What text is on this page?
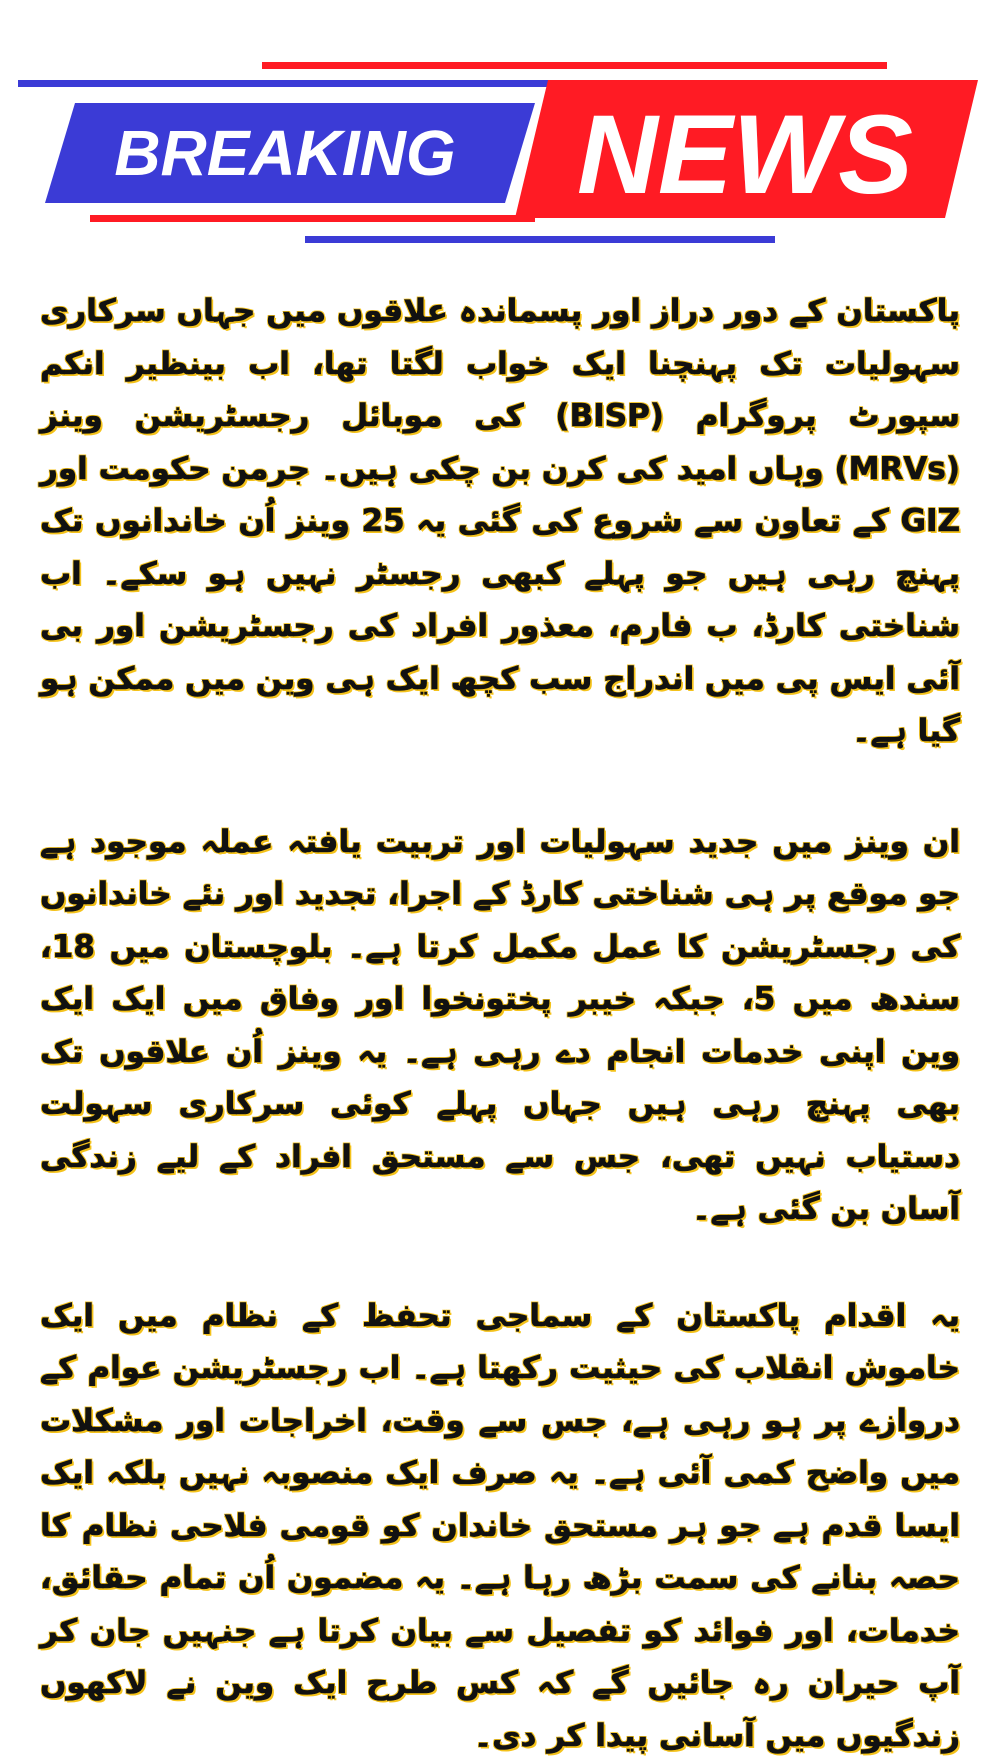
BREAKING NEWS

پاکستان کے دور دراز اور پسماندہ علاقوں میں جہاں سرکاری سہولیات تک پہنچنا ایک خواب لگتا تھا، اب بینظیر انکم سپورٹ پروگرام (BISP) کی موبائل رجسٹریشن وینز (MRVs) وہاں امید کی کرن بن چکی ہیں۔ جرمن حکومت اور GIZ کے تعاون سے شروع کی گئی یہ 25 وینز اُن خاندانوں تک پہنچ رہی ہیں جو پہلے کبھی رجسٹر نہیں ہو سکے۔ اب شناختی کارڈ، ب فارم، معذور افراد کی رجسٹریشن اور بی آئی ایس پی میں اندراج سب کچھ ایک ہی وین میں ممکن ہو گیا ہے۔

ان وینز میں جدید سہولیات اور تربیت یافتہ عملہ موجود ہے جو موقع پر ہی شناختی کارڈ کے اجرا، تجدید اور نئے خاندانوں کی رجسٹریشن کا عمل مکمل کرتا ہے۔ بلوچستان میں 18، سندھ میں 5، جبکہ خیبر پختونخوا اور وفاق میں ایک ایک وین اپنی خدمات انجام دے رہی ہے۔ یہ وینز اُن علاقوں تک بھی پہنچ رہی ہیں جہاں پہلے کوئی سرکاری سہولت دستیاب نہیں تھی، جس سے مستحق افراد کے لیے زندگی آسان بن گئی ہے۔

یہ اقدام پاکستان کے سماجی تحفظ کے نظام میں ایک خاموش انقلاب کی حیثیت رکھتا ہے۔ اب رجسٹریشن عوام کے دروازے پر ہو رہی ہے، جس سے وقت، اخراجات اور مشکلات میں واضح کمی آئی ہے۔ یہ صرف ایک منصوبہ نہیں بلکہ ایک ایسا قدم ہے جو ہر مستحق خاندان کو قومی فلاحی نظام کا حصہ بنانے کی سمت بڑھ رہا ہے۔ یہ مضمون اُن تمام حقائق، خدمات، اور فوائد کو تفصیل سے بیان کرتا ہے جنہیں جان کر آپ حیران رہ جائیں گے کہ کس طرح ایک وین نے لاکھوں زندگیوں میں آسانی پیدا کر دی۔
